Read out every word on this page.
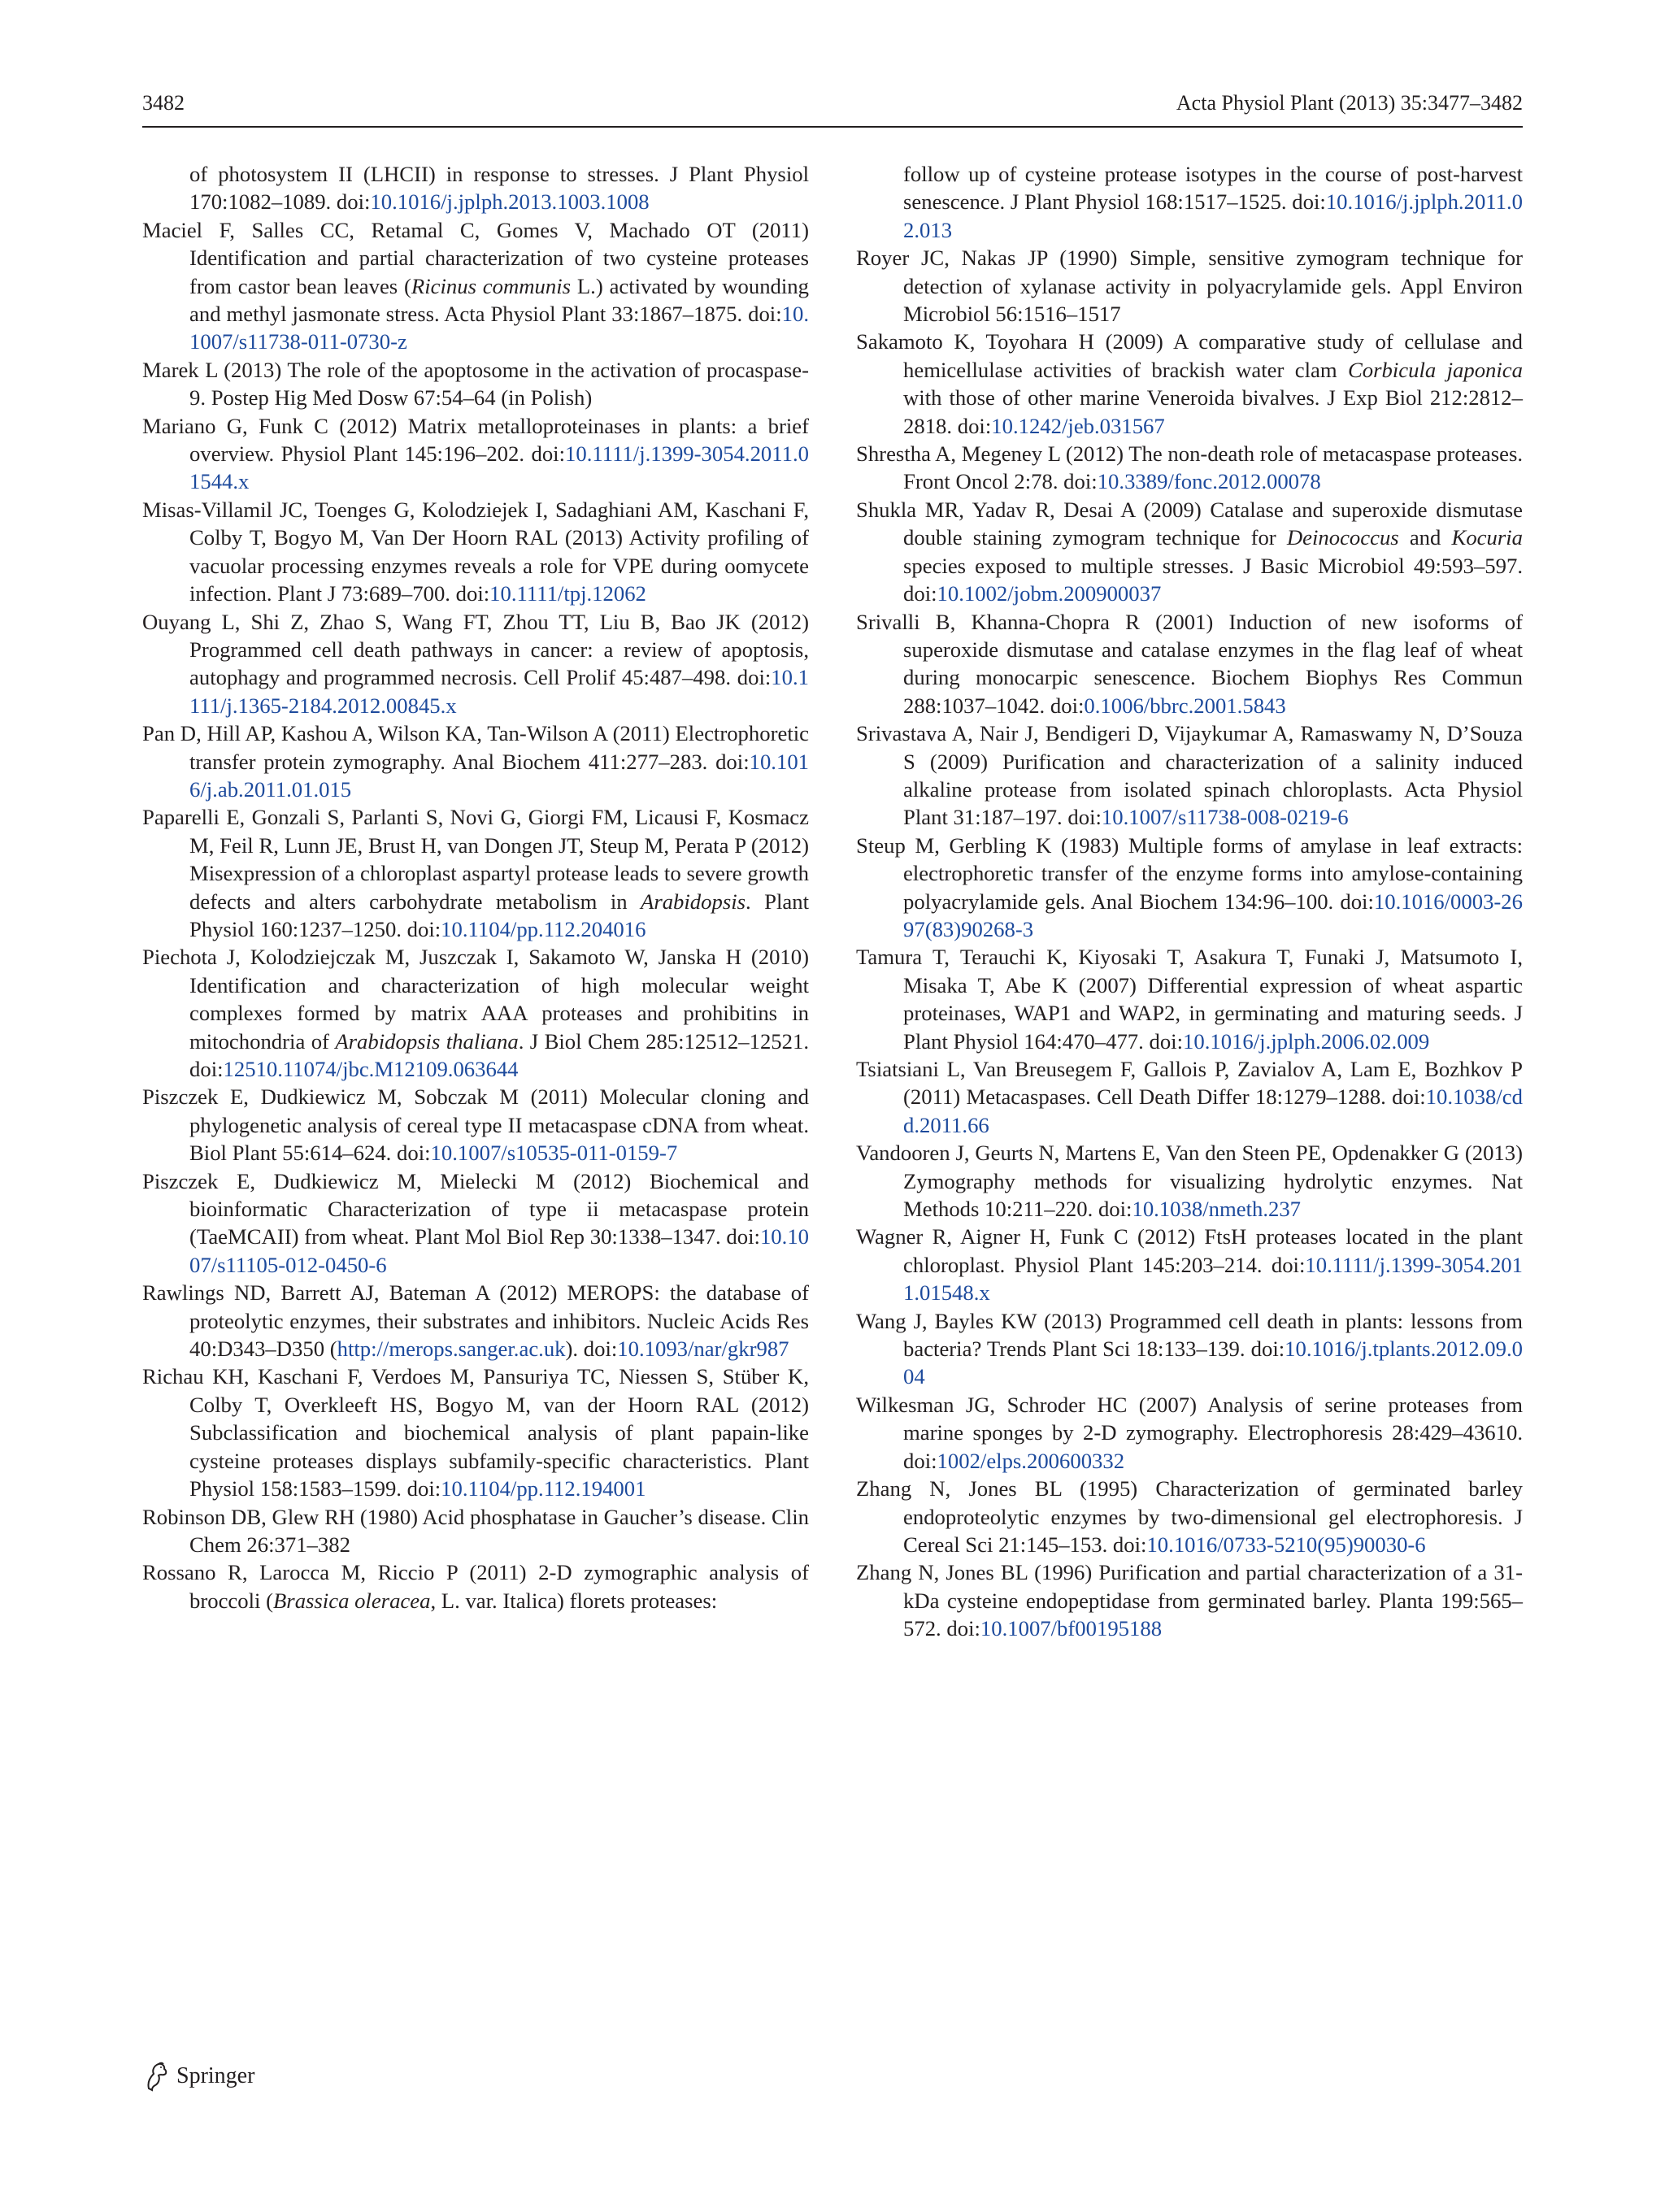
3482	Acta Physiol Plant (2013) 35:3477–3482

of photosystem II (LHCII) in response to stresses. J Plant Physiol 170:1082–1089. doi:10.1016/j.jplph.2013.1003.1008

Maciel F, Salles CC, Retamal C, Gomes V, Machado OT (2011) Identification and partial characterization of two cysteine proteases from castor bean leaves (Ricinus communis L.) activated by wounding and methyl jasmonate stress. Acta Physiol Plant 33:1867–1875. doi:10.1007/s11738-011-0730-z

Marek L (2013) The role of the apoptosome in the activation of procaspase-9. Postep Hig Med Dosw 67:54–64 (in Polish)

Mariano G, Funk C (2012) Matrix metalloproteinases in plants: a brief overview. Physiol Plant 145:196–202. doi:10.1111/j.1399-3054.2011.01544.x

Misas-Villamil JC, Toenges G, Kolodziejek I, Sadaghiani AM, Kaschani F, Colby T, Bogyo M, Van Der Hoorn RAL (2013) Activity profiling of vacuolar processing enzymes reveals a role for VPE during oomycete infection. Plant J 73:689–700. doi:10.1111/tpj.12062

Ouyang L, Shi Z, Zhao S, Wang FT, Zhou TT, Liu B, Bao JK (2012) Programmed cell death pathways in cancer: a review of apoptosis, autophagy and programmed necrosis. Cell Prolif 45:487–498. doi:10.1111/j.1365-2184.2012.00845.x

Pan D, Hill AP, Kashou A, Wilson KA, Tan-Wilson A (2011) Electrophoretic transfer protein zymography. Anal Biochem 411:277–283. doi:10.1016/j.ab.2011.01.015

Paparelli E, Gonzali S, Parlanti S, Novi G, Giorgi FM, Licausi F, Kosmacz M, Feil R, Lunn JE, Brust H, van Dongen JT, Steup M, Perata P (2012) Misexpression of a chloroplast aspartyl protease leads to severe growth defects and alters carbohydrate metabolism in Arabidopsis. Plant Physiol 160:1237–1250. doi:10.1104/pp.112.204016

Piechota J, Kolodziejczak M, Juszczak I, Sakamoto W, Janska H (2010) Identification and characterization of high molecular weight complexes formed by matrix AAA proteases and prohibitins in mitochondria of Arabidopsis thaliana. J Biol Chem 285:12512–12521. doi:12510.11074/jbc.M12109.063644

Piszczek E, Dudkiewicz M, Sobczak M (2011) Molecular cloning and phylogenetic analysis of cereal type II metacaspase cDNA from wheat. Biol Plant 55:614–624. doi:10.1007/s10535-011-0159-7

Piszczek E, Dudkiewicz M, Mielecki M (2012) Biochemical and bioinformatic Characterization of type ii metacaspase protein (TaeMCAII) from wheat. Plant Mol Biol Rep 30:1338–1347. doi:10.1007/s11105-012-0450-6

Rawlings ND, Barrett AJ, Bateman A (2012) MEROPS: the database of proteolytic enzymes, their substrates and inhibitors. Nucleic Acids Res 40:D343–D350 (http://merops.sanger.ac.uk). doi:10.1093/nar/gkr987

Richau KH, Kaschani F, Verdoes M, Pansuriya TC, Niessen S, Stüber K, Colby T, Overkleeft HS, Bogyo M, van der Hoorn RAL (2012) Subclassification and biochemical analysis of plant papain-like cysteine proteases displays subfamily-specific characteristics. Plant Physiol 158:1583–1599. doi:10.1104/pp.112.194001

Robinson DB, Glew RH (1980) Acid phosphatase in Gaucher’s disease. Clin Chem 26:371–382

Rossano R, Larocca M, Riccio P (2011) 2-D zymographic analysis of broccoli (Brassica oleracea, L. var. Italica) florets proteases:

follow up of cysteine protease isotypes in the course of post-harvest senescence. J Plant Physiol 168:1517–1525. doi:10.1016/j.jplph.2011.02.013

Royer JC, Nakas JP (1990) Simple, sensitive zymogram technique for detection of xylanase activity in polyacrylamide gels. Appl Environ Microbiol 56:1516–1517

Sakamoto K, Toyohara H (2009) A comparative study of cellulase and hemicellulase activities of brackish water clam Corbicula japonica with those of other marine Veneroida bivalves. J Exp Biol 212:2812–2818. doi:10.1242/jeb.031567

Shrestha A, Megeney L (2012) The non-death role of metacaspase proteases. Front Oncol 2:78. doi:10.3389/fonc.2012.00078

Shukla MR, Yadav R, Desai A (2009) Catalase and superoxide dismutase double staining zymogram technique for Deinococcus and Kocuria species exposed to multiple stresses. J Basic Microbiol 49:593–597. doi:10.1002/jobm.200900037

Srivalli B, Khanna-Chopra R (2001) Induction of new isoforms of superoxide dismutase and catalase enzymes in the flag leaf of wheat during monocarpic senescence. Biochem Biophys Res Commun 288:1037–1042. doi:0.1006/bbrc.2001.5843

Srivastava A, Nair J, Bendigeri D, Vijaykumar A, Ramaswamy N, D’Souza S (2009) Purification and characterization of a salinity induced alkaline protease from isolated spinach chloroplasts. Acta Physiol Plant 31:187–197. doi:10.1007/s11738-008-0219-6

Steup M, Gerbling K (1983) Multiple forms of amylase in leaf extracts: electrophoretic transfer of the enzyme forms into amylose-containing polyacrylamide gels. Anal Biochem 134:96–100. doi:10.1016/0003-2697(83)90268-3

Tamura T, Terauchi K, Kiyosaki T, Asakura T, Funaki J, Matsumoto I, Misaka T, Abe K (2007) Differential expression of wheat aspartic proteinases, WAP1 and WAP2, in germinating and maturing seeds. J Plant Physiol 164:470–477. doi:10.1016/j.jplph.2006.02.009

Tsiatsiani L, Van Breusegem F, Gallois P, Zavialov A, Lam E, Bozhkov P (2011) Metacaspases. Cell Death Differ 18:1279–1288. doi:10.1038/cdd.2011.66

Vandooren J, Geurts N, Martens E, Van den Steen PE, Opdenakker G (2013) Zymography methods for visualizing hydrolytic enzymes. Nat Methods 10:211–220. doi:10.1038/nmeth.237

Wagner R, Aigner H, Funk C (2012) FtsH proteases located in the plant chloroplast. Physiol Plant 145:203–214. doi:10.1111/j.1399-3054.2011.01548.x

Wang J, Bayles KW (2013) Programmed cell death in plants: lessons from bacteria? Trends Plant Sci 18:133–139. doi:10.1016/j.tplants.2012.09.004

Wilkesman JG, Schroder HC (2007) Analysis of serine proteases from marine sponges by 2-D zymography. Electrophoresis 28:429–43610. doi:1002/elps.200600332

Zhang N, Jones BL (1995) Characterization of germinated barley endoproteolytic enzymes by two-dimensional gel electrophoresis. J Cereal Sci 21:145–153. doi:10.1016/0733-5210(95)90030-6

Zhang N, Jones BL (1996) Purification and partial characterization of a 31-kDa cysteine endopeptidase from germinated barley. Planta 199:565–572. doi:10.1007/bf00195188

Springer
